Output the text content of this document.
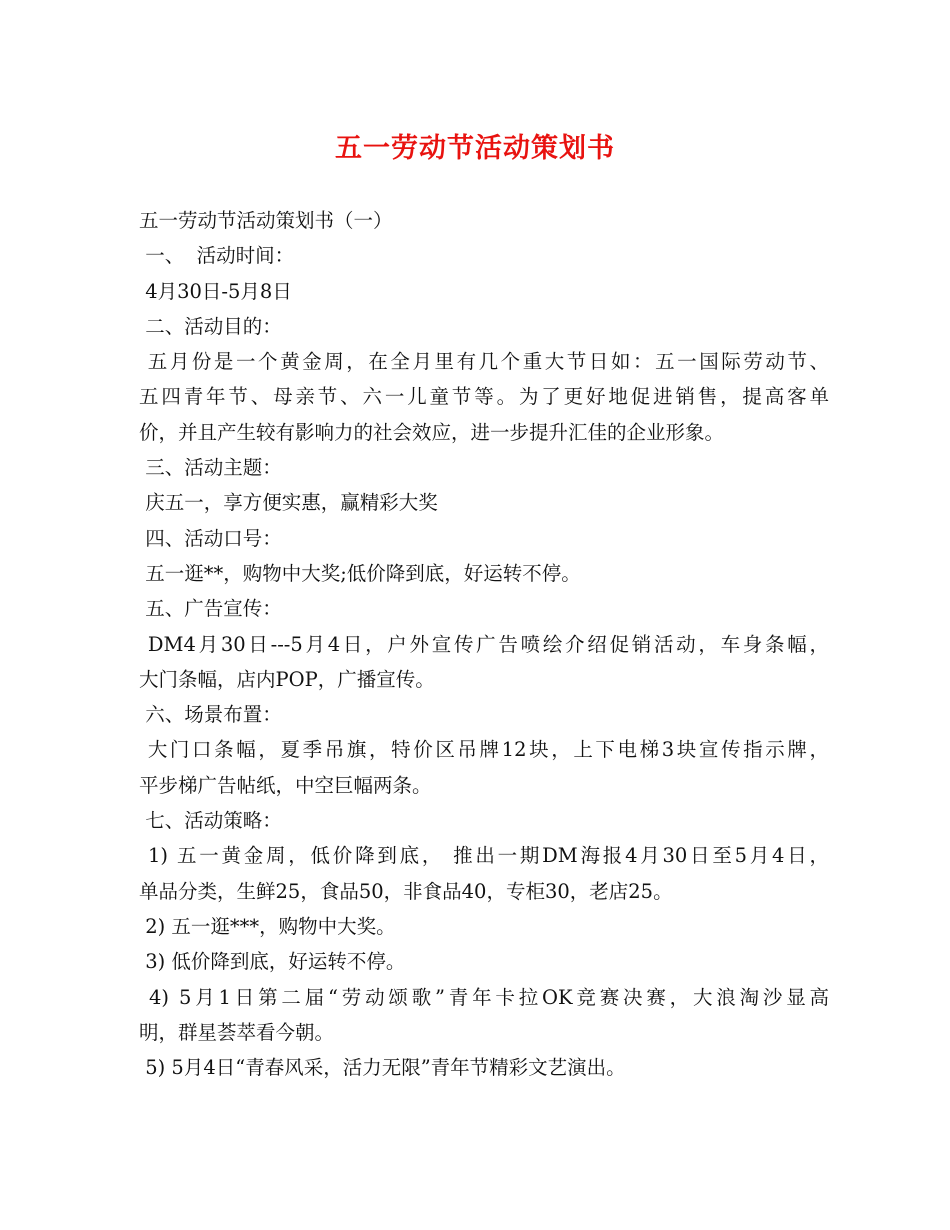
五一劳动节活动策划书
五一劳动节活动策划书（一）
一、  活动时间：
4月30日-5月8日
二、活动目的：
五月份是一个黄金周，在全月里有几个重大节日如：五一国际劳动节、
五四青年节、母亲节、六一儿童节等。为了更好地促进销售，提高客单
价，并且产生较有影响力的社会效应，进一步提升汇佳的企业形象。
三、活动主题：
庆五一，享方便实惠，赢精彩大奖
四、活动口号：
五一逛**，购物中大奖;低价降到底，好运转不停。
五、广告宣传：
DM4月30日---5月4日，户外宣传广告喷绘介绍促销活动，车身条幅，
大门条幅，店内POP，广播宣传。
六、场景布置：
大门口条幅，夏季吊旗，特价区吊牌12块，上下电梯3块宣传指示牌，
平步梯广告帖纸，中空巨幅两条。
七、活动策略：
1) 五一黄金周，低价降到底， 推出一期DM海报4月30日至5月4日，
单品分类，生鲜25，食品50，非食品40，专柜30，老店25。
2) 五一逛***，购物中大奖。
3) 低价降到底，好运转不停。
4) 5月1日第二届“劳动颂歌”青年卡拉OK竞赛决赛，大浪淘沙显高
明，群星荟萃看今朝。
5) 5月4日“青春风采，活力无限”青年节精彩文艺演出。
